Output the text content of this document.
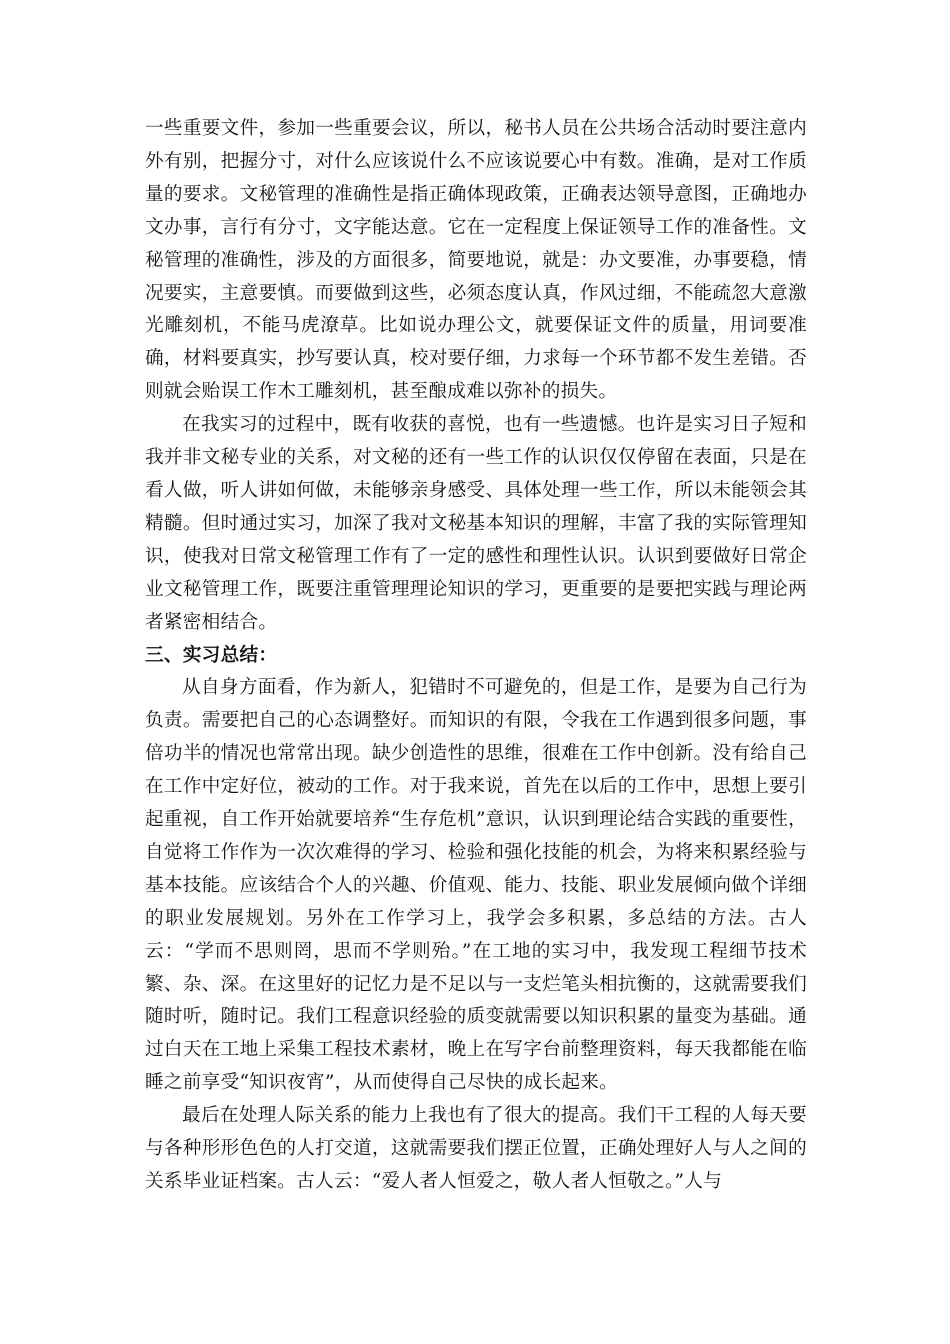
一些重要文件，参加一些重要会议，所以，秘书人员在公共场合活动时要注意内外有别，把握分寸，对什么应该说什么不应该说要心中有数。准确，是对工作质量的要求。文秘管理的准确性是指正确体现政策，正确表达领导意图，正确地办文办事，言行有分寸，文字能达意。它在一定程度上保证领导工作的准备性。文秘管理的准确性，涉及的方面很多，简要地说，就是：办文要准，办事要稳，情况要实，主意要慎。而要做到这些，必须态度认真，作风过细，不能疏忽大意激光雕刻机，不能马虎潦草。比如说办理公文，就要保证文件的质量，用词要准确，材料要真实，抄写要认真，校对要仔细，力求每一个环节都不发生差错。否则就会贻误工作木工雕刻机，甚至酿成难以弥补的损失。

在我实习的过程中，既有收获的喜悦，也有一些遗憾。也许是实习日子短和我并非文秘专业的关系，对文秘的还有一些工作的认识仅仅停留在表面，只是在看人做，听人讲如何做，未能够亲身感受、具体处理一些工作，所以未能领会其精髓。但时通过实习，加深了我对文秘基本知识的理解，丰富了我的实际管理知识，使我对日常文秘管理工作有了一定的感性和理性认识。认识到要做好日常企业文秘管理工作，既要注重管理理论知识的学习，更重要的是要把实践与理论两者紧密相结合。

三、实习总结：

从自身方面看，作为新人，犯错时不可避免的，但是工作，是要为自己行为负责。需要把自己的心态调整好。而知识的有限，令我在工作遇到很多问题，事倍功半的情况也常常出现。缺少创造性的思维，很难在工作中创新。没有给自己在工作中定好位，被动的工作。对于我来说，首先在以后的工作中，思想上要引起重视，自工作开始就要培养“生存危机”意识，认识到理论结合实践的重要性，自觉将工作作为一次次难得的学习、检验和强化技能的机会，为将来积累经验与基本技能。应该结合个人的兴趣、价值观、能力、技能、职业发展倾向做个详细的职业发展规划。另外在工作学习上，我学会多积累，多总结的方法。古人云：“学而不思则罔，思而不学则殆。”在工地的实习中，我发现工程细节技术繁、杂、深。在这里好的记忆力是不足以与一支烂笔头相抗衡的，这就需要我们随时听，随时记。我们工程意识经验的质变就需要以知识积累的量变为基础。通过白天在工地上采集工程技术素材，晚上在写字台前整理资料，每天我都能在临睡之前享受“知识夜宵”，从而使得自己尽快的成长起来。

最后在处理人际关系的能力上我也有了很大的提高。我们干工程的人每天要与各种形形色色的人打交道，这就需要我们摆正位置，正确处理好人与人之间的关系毕业证档案。古人云：“爱人者人恒爱之，敬人者人恒敬之。”人与
